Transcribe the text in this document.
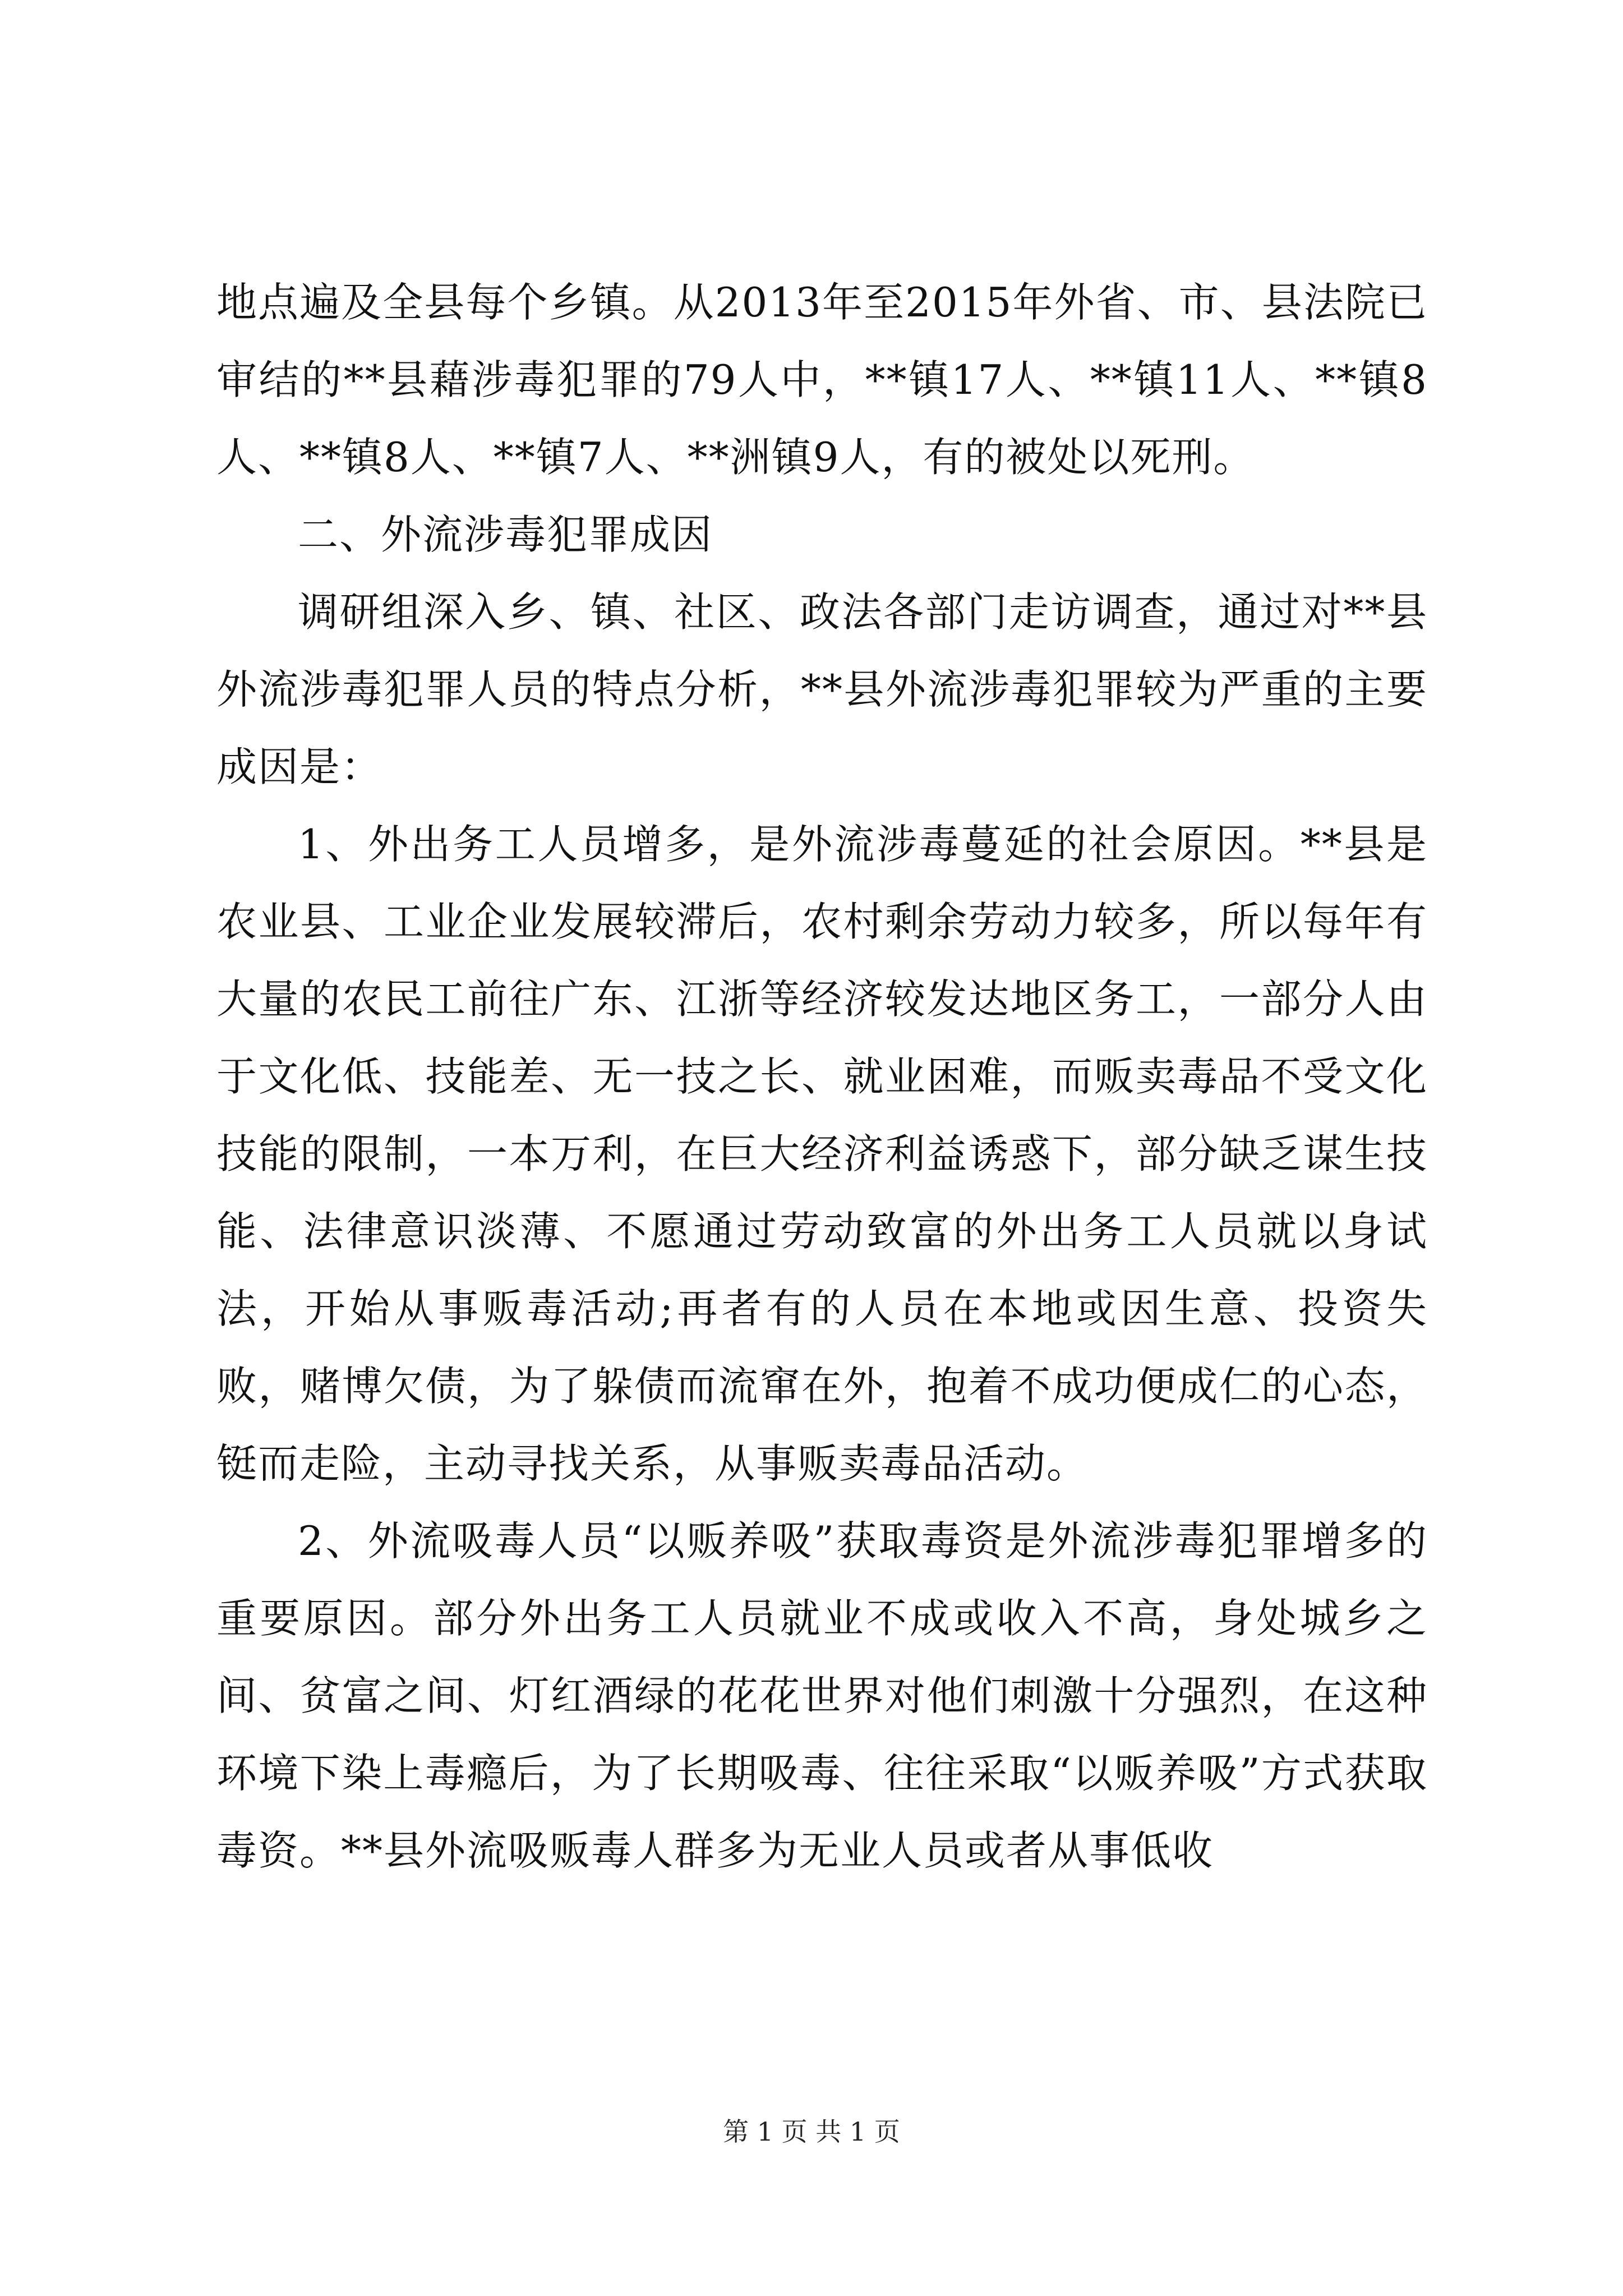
地点遍及全县每个乡镇。从2013年至2015年外省、市、县法院已审结的**县藉涉毒犯罪的79人中，**镇17人、**镇11人、**镇8人、**镇8人、**镇7人、**洲镇9人，有的被处以死刑。

二、外流涉毒犯罪成因

调研组深入乡、镇、社区、政法各部门走访调查，通过对**县外流涉毒犯罪人员的特点分析，**县外流涉毒犯罪较为严重的主要成因是：

1、外出务工人员增多，是外流涉毒蔓延的社会原因。**县是农业县、工业企业发展较滞后，农村剩余劳动力较多，所以每年有大量的农民工前往广东、江浙等经济较发达地区务工，一部分人由于文化低、技能差、无一技之长、就业困难，而贩卖毒品不受文化技能的限制，一本万利，在巨大经济利益诱惑下，部分缺乏谋生技能、法律意识淡薄、不愿通过劳动致富的外出务工人员就以身试法，开始从事贩毒活动;再者有的人员在本地或因生意、投资失败，赌博欠债，为了躲债而流窜在外，抱着不成功便成仁的心态，铤而走险，主动寻找关系，从事贩卖毒品活动。

2、外流吸毒人员“以贩养吸”获取毒资是外流涉毒犯罪增多的重要原因。部分外出务工人员就业不成或收入不高，身处城乡之间、贫富之间、灯红酒绿的花花世界对他们刺激十分强烈，在这种环境下染上毒瘾后，为了长期吸毒、往往采取“以贩养吸”方式获取毒资。**县外流吸贩毒人群多为无业人员或者从事低收

第 1 页 共 1 页
